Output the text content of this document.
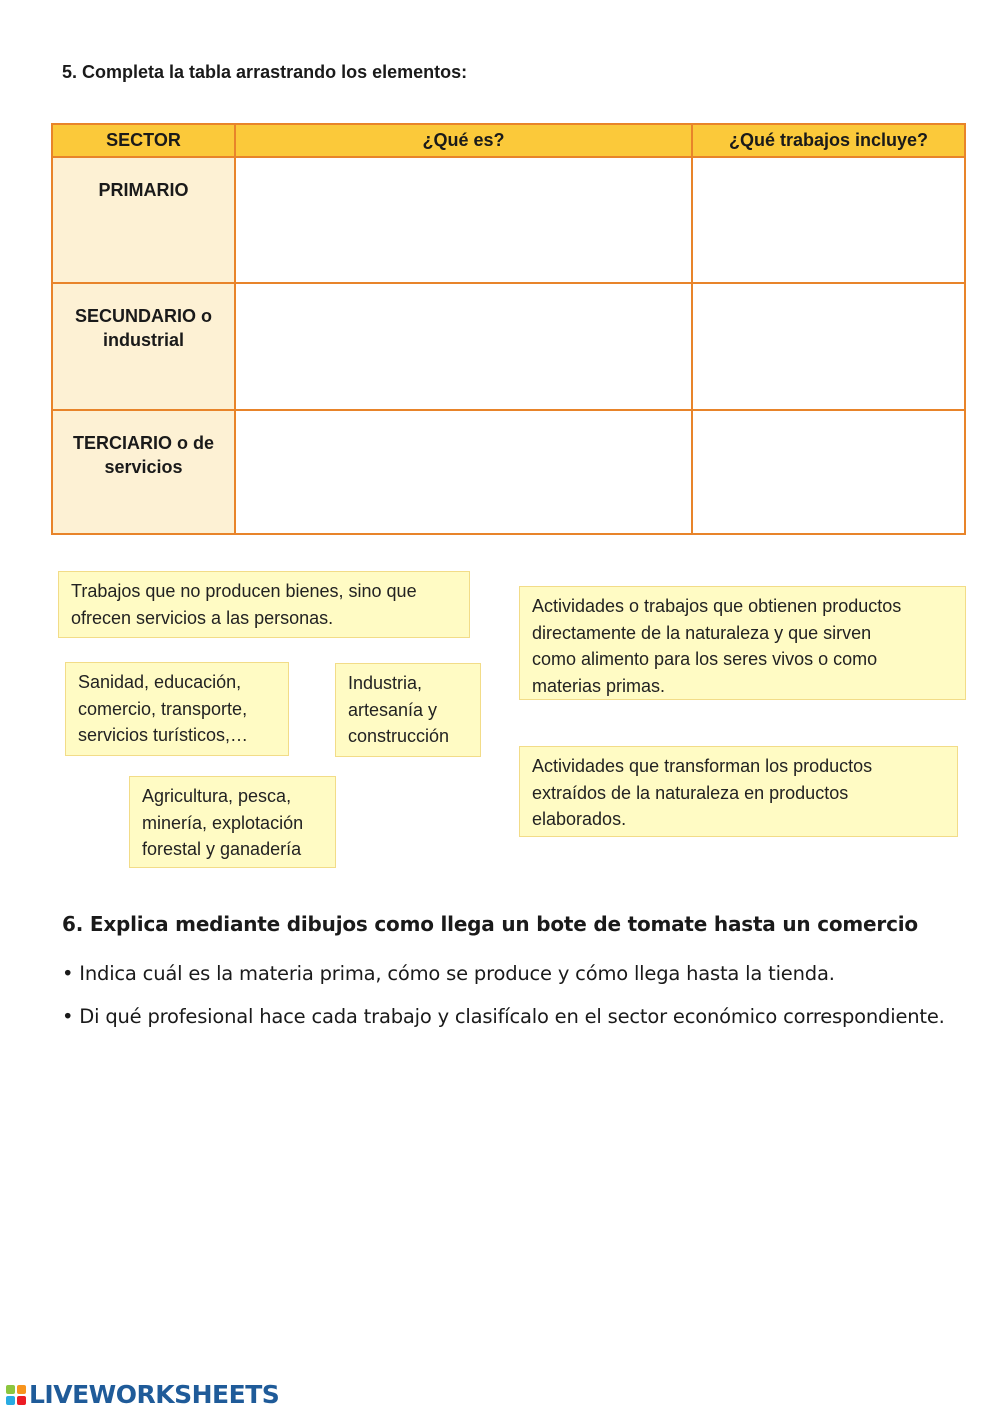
5. Completa la tabla arrastrando los elementos:
SECTOR	¿Qué es?	¿Qué trabajos incluye?
PRIMARIO
SECUNDARIO o
industrial
TERCIARIO o de
servicios
Trabajos que no producen bienes, sino que
ofrecen servicios a las personas.
Actividades o trabajos que obtienen productos
directamente de la naturaleza y que sirven
como alimento para los seres vivos o como
materias primas.
Sanidad, educación,
comercio, transporte,
servicios turísticos,…
Industria,
artesanía y
construcción
Actividades que transforman los productos
extraídos de la naturaleza en productos
elaborados.
Agricultura, pesca,
minería, explotación
forestal y ganadería
6. Explica mediante dibujos como llega un bote de tomate hasta un comercio
• Indica cuál es la materia prima, cómo se produce y cómo llega hasta la tienda.
• Di qué profesional hace cada trabajo y clasifícalo en el sector económico correspondiente.
LIVEWORKSHEETS
